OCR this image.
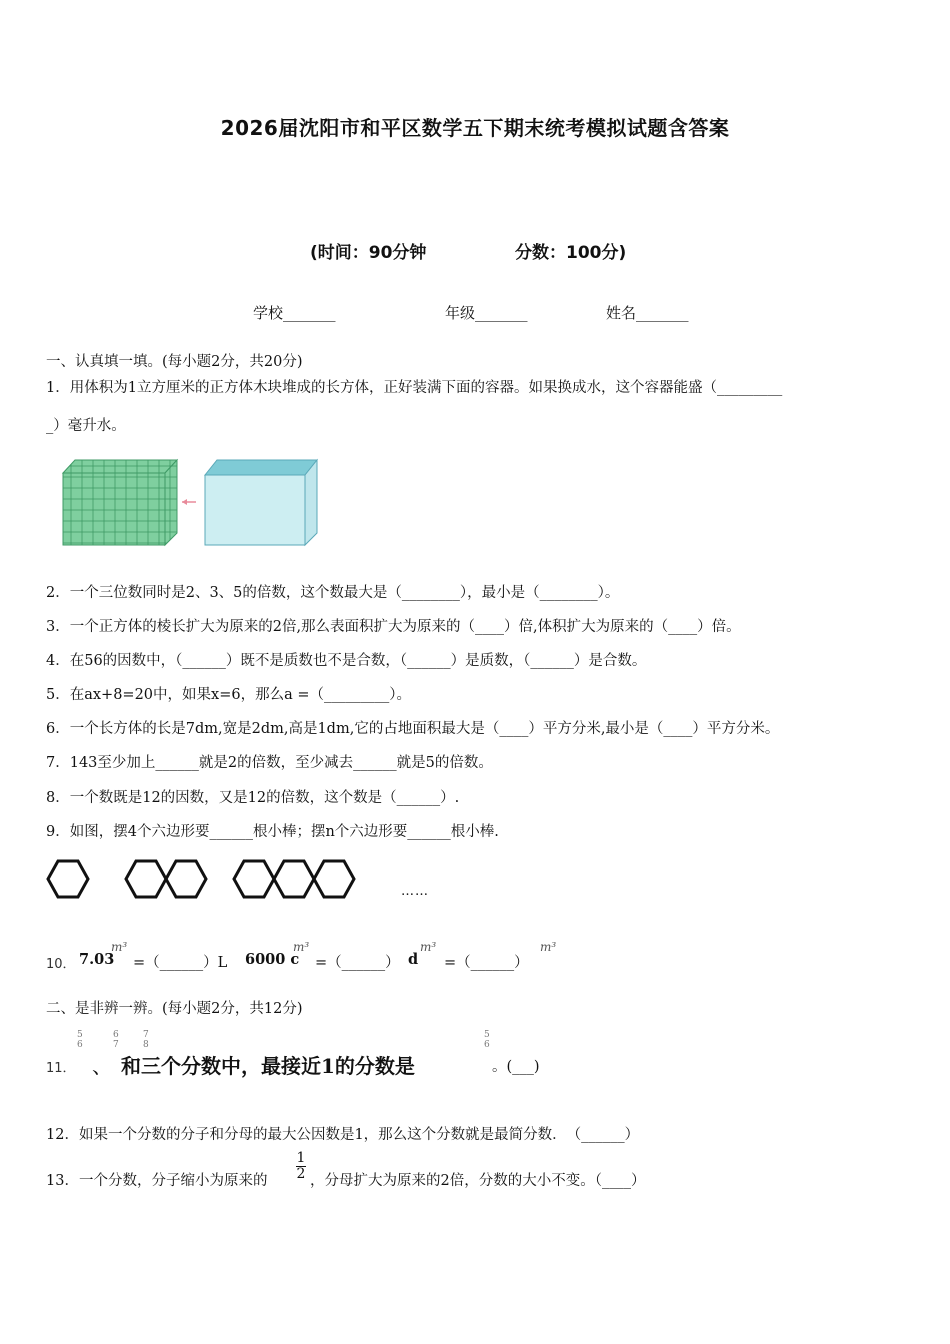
2026届沈阳市和平区数学五下期末统考模拟试题含答案
(时间：90分钟	分数：100分)
学校_______	年级_______	姓名_______
一、认真填一填。(每小题2分，共20分)
1．用体积为1立方厘米的正方体木块堆成的长方体，正好装满下面的容器。如果换成水，这个容器能盛（_________
_）毫升水。
2．一个三位数同时是2、3、5的倍数，这个数最大是（________），最小是（________）。
3．一个正方体的棱长扩大为原来的2倍,那么表面积扩大为原来的（____）倍,体积扩大为原来的（____）倍。
4．在56的因数中，（______）既不是质数也不是合数，（______）是质数，（______）是合数。
5．在ax+8=20中，如果x=6，那么a =（_________）。
6．一个长方体的长是7dm,宽是2dm,高是1dm,它的占地面积最大是（____）平方分米,最小是（____）平方分米。
7．143至少加上______就是2的倍数，至少减去______就是5的倍数。
8．一个数既是12的因数，又是12的倍数，这个数是（______）.
9．如图，摆4个六边形要______根小棒；摆n个六边形要______根小棒.
……
10． 7.03
m³
=（______）L 6000 c
m³
=（______） d
m³
=（______）
m³
二、是非辨一辨。(每小题2分，共12分)
11．
5
6
、
6
7
7
8
和三个分数中，最接近1的分数是
5
6
。(___)
12．如果一个分数的分子和分母的最大公因数是1，那么这个分数就是最简分数．　（______）
13．一个分数，分子缩小为原来的
1
2 ，分母扩大为原来的2倍，分数的大小不变。（____）
